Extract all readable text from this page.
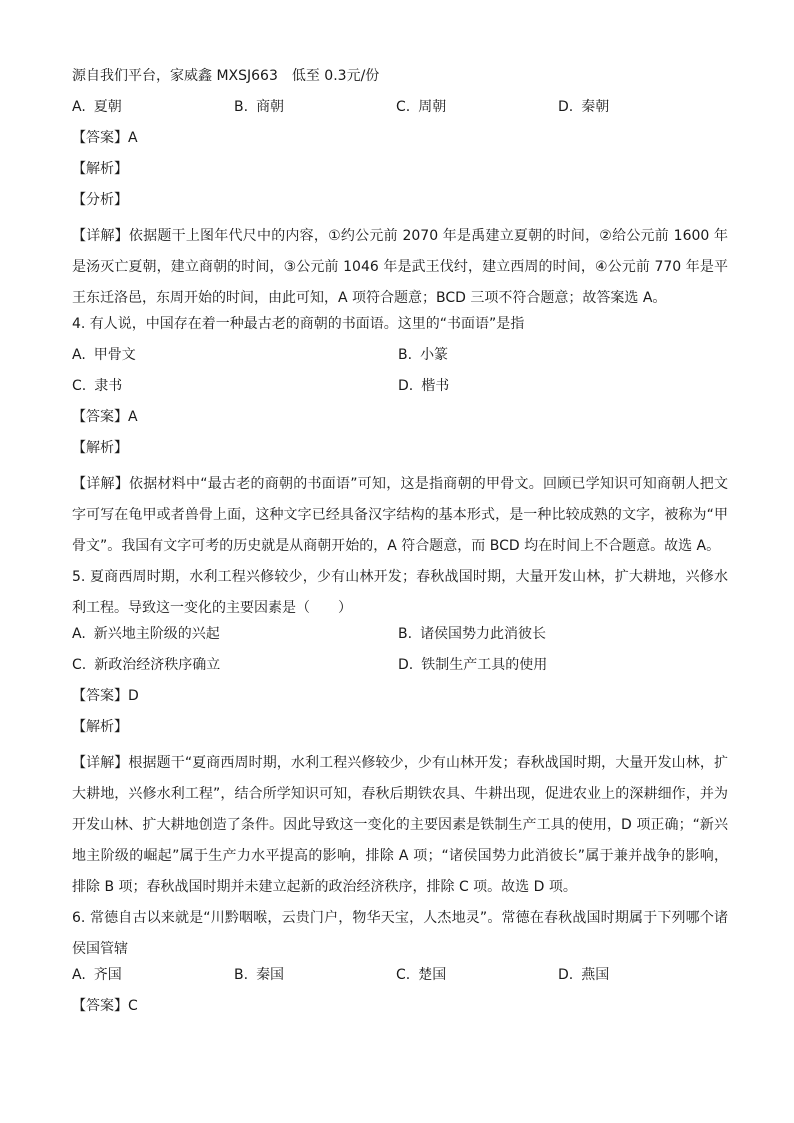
源自我们平台，家威鑫 MXSJ663　低至 0.3元/份
A. 夏朝	B. 商朝	C. 周朝	D. 秦朝
【答案】A
【解析】
【分析】
【详解】依据题干上图年代尺中的内容，①约公元前 2070 年是禹建立夏朝的时间，②给公元前 1600 年是汤灭亡夏朝，建立商朝的时间，③公元前 1046 年是武王伐纣，建立西周的时间，④公元前 770 年是平王东迁洛邑，东周开始的时间，由此可知，A 项符合题意；BCD 三项不符合题意；故答案选 A。
4. 有人说，中国存在着一种最古老的商朝的书面语。这里的“书面语”是指
A. 甲骨文	B. 小篆
C. 隶书	D. 楷书
【答案】A
【解析】
【详解】依据材料中“最古老的商朝的书面语”可知，这是指商朝的甲骨文。回顾已学知识可知商朝人把文字可写在龟甲或者兽骨上面，这种文字已经具备汉字结构的基本形式，是一种比较成熟的文字，被称为“甲骨文”。我国有文字可考的历史就是从商朝开始的，A 符合题意，而 BCD 均在时间上不合题意。故选 A。
5. 夏商西周时期，水利工程兴修较少，少有山林开发；春秋战国时期，大量开发山林，扩大耕地，兴修水利工程。导致这一变化的主要因素是（　　）
A. 新兴地主阶级的兴起	B. 诸侯国势力此消彼长
C. 新政治经济秩序确立	D. 铁制生产工具的使用
【答案】D
【解析】
【详解】根据题干“夏商西周时期，水利工程兴修较少，少有山林开发；春秋战国时期，大量开发山林，扩大耕地，兴修水利工程”，结合所学知识可知，春秋后期铁农具、牛耕出现，促进农业上的深耕细作，并为开发山林、扩大耕地创造了条件。因此导致这一变化的主要因素是铁制生产工具的使用，D 项正确；“新兴地主阶级的崛起”属于生产力水平提高的影响，排除 A 项；“诸侯国势力此消彼长”属于兼并战争的影响，排除 B 项；春秋战国时期并未建立起新的政治经济秩序，排除 C 项。故选 D 项。
6. 常德自古以来就是“川黔咽喉，云贵门户，物华天宝，人杰地灵”。常德在春秋战国时期属于下列哪个诸侯国管辖
A. 齐国	B. 秦国	C. 楚国	D. 燕国
【答案】C
